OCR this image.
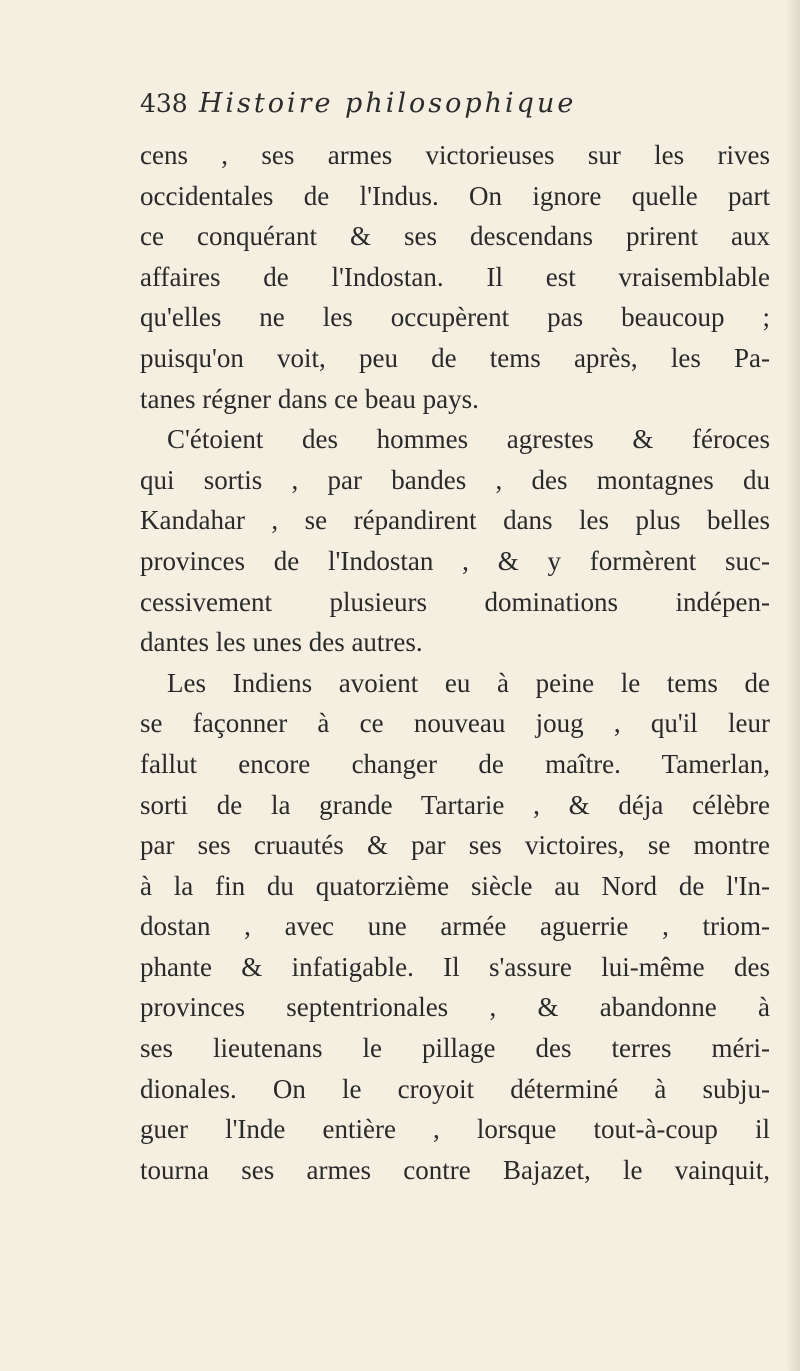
438 Histoire philosophique
cens , ses armes victorieuses sur les rives
occidentales de l'Indus. On ignore quelle part
ce conquérant & ses descendans prirent aux
affaires de l'Indostan. Il est vraisemblable
qu'elles ne les occupèrent pas beaucoup ;
puisqu'on voit, peu de tems après, les Pa-
tanes régner dans ce beau pays.
C'étoient des hommes agrestes & féroces
qui sortis , par bandes , des montagnes du
Kandahar , se répandirent dans les plus belles
provinces de l'Indostan , & y formèrent suc-
cessivement plusieurs dominations indépen-
dantes les unes des autres.
Les Indiens avoient eu à peine le tems de
se façonner à ce nouveau joug , qu'il leur
fallut encore changer de maître. Tamerlan,
sorti de la grande Tartarie , & déja célèbre
par ses cruautés & par ses victoires, se montre
à la fin du quatorzième siècle au Nord de l'In-
dostan , avec une armée aguerrie , triom-
phante & infatigable. Il s'assure lui-même des
provinces septentrionales , & abandonne à
ses lieutenans le pillage des terres méri-
dionales. On le croyoit déterminé à subju-
guer l'Inde entière , lorsque tout-à-coup il
tourna ses armes contre Bajazet, le vainquit,
